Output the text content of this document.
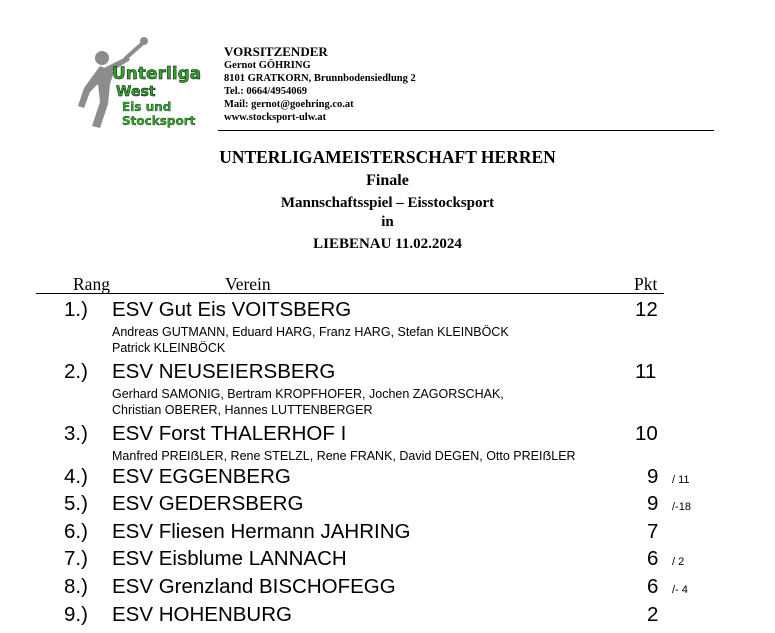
Unterliga
West
Eis und
Stocksport
VORSITZENDER
Gernot GÖHRING
8101 GRATKORN, Brunnbodensiedlung 2
Tel.: 0664/4954069
Mail: gernot@goehring.co.at
www.stocksport-ulw.at
UNTERLIGAMEISTERSCHAFT HERREN
Finale
Mannschaftsspiel – Eisstocksport
in
LIEBENAU 11.02.2024
Rang	Verein	Pkt
1.) ESV Gut Eis VOITSBERG	12
Andreas GUTMANN, Eduard HARG, Franz HARG, Stefan KLEINBÖCK
Patrick KLEINBÖCK
2.) ESV NEUSEIERSBERG	11
Gerhard SAMONIG, Bertram KROPFHOFER, Jochen ZAGORSCHAK,
Christian OBERER, Hannes LUTTENBERGER
3.) ESV Forst THALERHOF I	10
Manfred PREIẞLER, Rene STELZL, Rene FRANK, David DEGEN, Otto PREIẞLER
4.) ESV EGGENBERG	9 / 11
5.) ESV GEDERSBERG	9 /-18
6.) ESV Fliesen Hermann JAHRING	7
7.) ESV Eisblume LANNACH	6 / 2
8.) ESV Grenzland BISCHOFEGG	6 /- 4
9.) ESV HOHENBURG	2
